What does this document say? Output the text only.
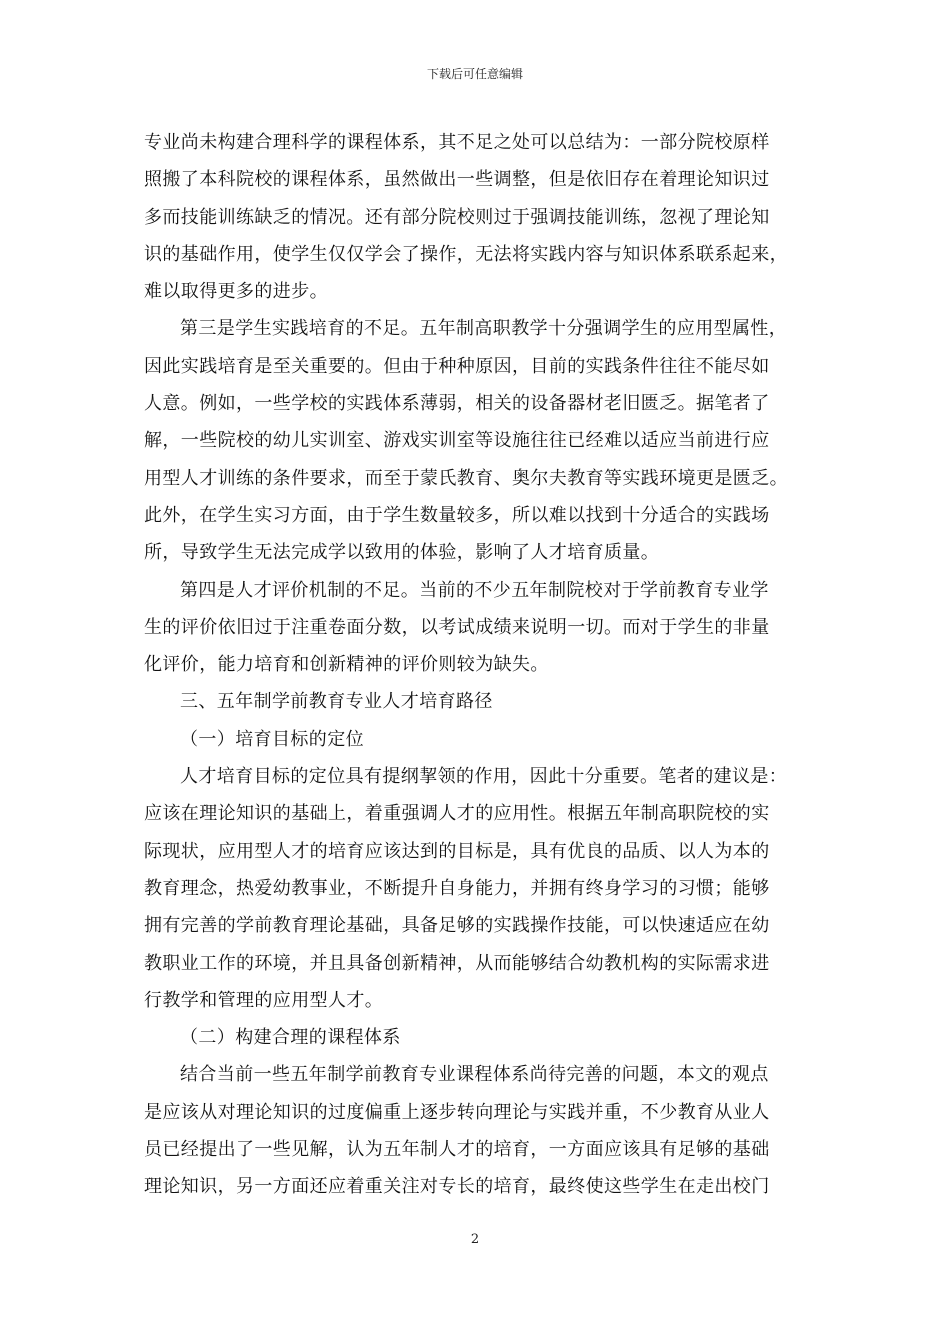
下载后可任意编辑

专业尚未构建合理科学的课程体系，其不足之处可以总结为：一部分院校原样
照搬了本科院校的课程体系，虽然做出一些调整，但是依旧存在着理论知识过
多而技能训练缺乏的情况。还有部分院校则过于强调技能训练，忽视了理论知
识的基础作用，使学生仅仅学会了操作，无法将实践内容与知识体系联系起来，
难以取得更多的进步。

第三是学生实践培育的不足。五年制高职教学十分强调学生的应用型属性，
因此实践培育是至关重要的。但由于种种原因，目前的实践条件往往不能尽如
人意。例如，一些学校的实践体系薄弱，相关的设备器材老旧匮乏。据笔者了
解，一些院校的幼儿实训室、游戏实训室等设施往往已经难以适应当前进行应
用型人才训练的条件要求，而至于蒙氏教育、奥尔夫教育等实践环境更是匮乏。
此外，在学生实习方面，由于学生数量较多，所以难以找到十分适合的实践场
所，导致学生无法完成学以致用的体验，影响了人才培育质量。

第四是人才评价机制的不足。当前的不少五年制院校对于学前教育专业学
生的评价依旧过于注重卷面分数，以考试成绩来说明一切。而对于学生的非量
化评价，能力培育和创新精神的评价则较为缺失。

三、五年制学前教育专业人才培育路径

（一）培育目标的定位

人才培育目标的定位具有提纲挈领的作用，因此十分重要。笔者的建议是：
应该在理论知识的基础上，着重强调人才的应用性。根据五年制高职院校的实
际现状，应用型人才的培育应该达到的目标是，具有优良的品质、以人为本的
教育理念，热爱幼教事业，不断提升自身能力，并拥有终身学习的习惯；能够
拥有完善的学前教育理论基础，具备足够的实践操作技能，可以快速适应在幼
教职业工作的环境，并且具备创新精神，从而能够结合幼教机构的实际需求进
行教学和管理的应用型人才。

（二）构建合理的课程体系

结合当前一些五年制学前教育专业课程体系尚待完善的问题，本文的观点
是应该从对理论知识的过度偏重上逐步转向理论与实践并重，不少教育从业人
员已经提出了一些见解，认为五年制人才的培育，一方面应该具有足够的基础
理论知识，另一方面还应着重关注对专长的培育，最终使这些学生在走出校门

2
